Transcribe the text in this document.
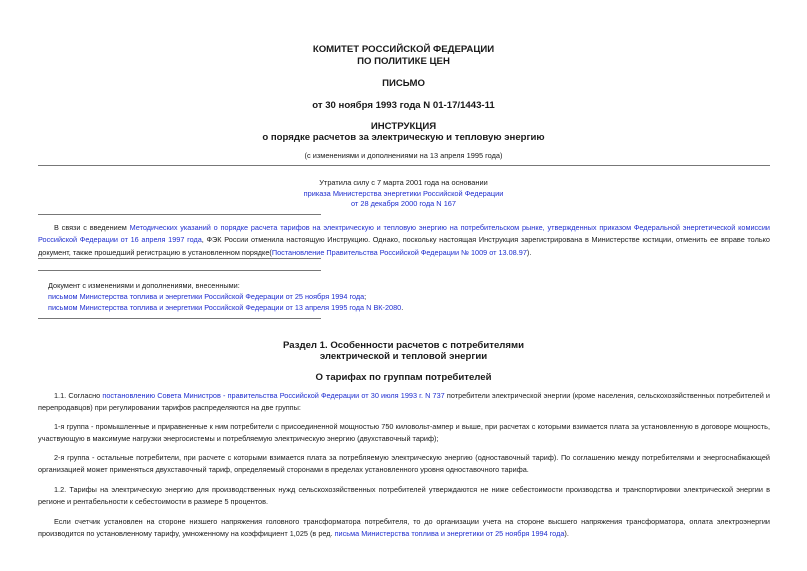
КОМИТЕТ РОССИЙСКОЙ ФЕДЕРАЦИИ
ПО ПОЛИТИКЕ ЦЕН
ПИСЬМО
от 30 ноября 1993 года N 01-17/1443-11
ИНСТРУКЦИЯ
о порядке расчетов за электрическую и тепловую энергию
(с изменениями и дополнениями на 13 апреля 1995 года)
Утратила силу с 7 марта 2001 года на основании
приказа Министерства энергетики Российской Федерации
от 28 декабря 2000 года N 167
В связи с введением Методических указаний о порядке расчета тарифов на электрическую и тепловую энергию на потребительском рынке, утвержденных приказом Федеральной энергетической комиссии Российской Федерации от 16 апреля 1997 года, ФЭК России отменила настоящую Инструкцию. Однако, поскольку настоящая Инструкция зарегистрирована в Министерстве юстиции, отменить ее вправе только документ, также прошедший регистрацию в установленном порядке(Постановление Правительства Российской Федерации № 1009 от 13.08.97).
Документ с изменениями и дополнениями, внесенными:
письмом Министерства топлива и энергетики Российской Федерации от 25 ноября 1994 года;
письмом Министерства топлива и энергетики Российской Федерации от 13 апреля 1995 года N ВК-2080.
Раздел 1. Особенности расчетов с потребителями
электрической и тепловой энергии
О тарифах по группам потребителей
1.1. Согласно постановлению Совета Министров - правительства Российской Федерации от 30 июля 1993 г. N 737 потребители электрической энергии (кроме населения, сельскохозяйственных потребителей и перепродавцов) при регулировании тарифов распределяются на две группы:
1-я группа - промышленные и приравненные к ним потребители с присоединенной мощностью 750 киловольт-ампер и выше, при расчетах с которыми взимается плата за установленную в договоре мощность, участвующую в максимуме нагрузки энергосистемы и потребляемую электрическую энергию (двухставочный тариф);
2-я группа - остальные потребители, при расчете с которыми взимается плата за потребляемую электрическую энергию (одноставочный тариф). По соглашению между потребителями и энергоснабжающей организацией может применяться двухставочный тариф, определяемый сторонами в пределах установленного уровня одноставочного тарифа.
1.2. Тарифы на электрическую энергию для производственных нужд сельскохозяйственных потребителей утверждаются не ниже себестоимости производства и транспортировки электрической энергии в регионе и рентабельности к себестоимости в размере 5 процентов.
Если счетчик установлен на стороне низшего напряжения головного трансформатора потребителя, то до организации учета на стороне высшего напряжения трансформатора, оплата электроэнергии производится по установленному тарифу, умноженному на коэффициент 1,025 (в ред. письма Министерства топлива и энергетики от 25 ноября 1994 года).
